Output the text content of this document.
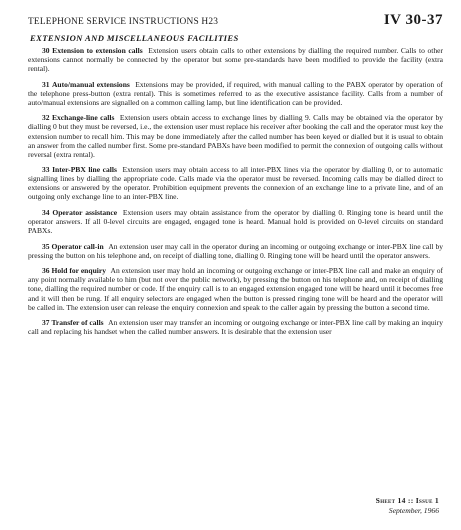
TELEPHONE SERVICE INSTRUCTIONS H23	IV 30-37
EXTENSION AND MISCELLANEOUS FACILITIES

30 Extension to extension calls Extension users obtain calls to other extensions by dialling the required number. Calls to other extensions cannot normally be connected by the operator but some pre-standards have been modified to provide the facility (extra rental).

31 Auto/manual extensions Extensions may be provided, if required, with manual calling to the PABX operator by operation of the telephone press-button (extra rental). This is sometimes referred to as the executive assistance facility. Calls from a number of auto/manual extensions are signalled on a common calling lamp, but line identification can be provided.

32 Exchange-line calls Extension users obtain access to exchange lines by dialling 9. Calls may be obtained via the operator by dialling 0 but they must be reversed, i.e., the extension user must replace his receiver after booking the call and the operator must key the extension number to recall him. This may be done immediately after the called number has been keyed or dialled but it is usual to obtain an answer from the called number first. Some pre-standard PABXs have been modified to permit the connexion of outgoing calls without reversal (extra rental).

33 Inter-PBX line calls Extension users may obtain access to all inter-PBX lines via the operator by dialling 0, or to automatic signalling lines by dialling the appropriate code. Calls made via the operator must be reversed. Incoming calls may be dialled direct to extensions or answered by the operator. Prohibition equipment prevents the connexion of an exchange line to a private line, and of an outgoing only exchange line to an inter-PBX line.

34 Operator assistance Extension users may obtain assistance from the operator by dialling 0. Ringing tone is heard until the operator answers. If all 0-level circuits are engaged, engaged tone is heard. Manual hold is provided on 0-level circuits on standard PABXs.

35 Operator call-in An extension user may call in the operator during an incoming or outgoing exchange or inter-PBX line call by pressing the button on his telephone and, on receipt of dialling tone, dialling 0. Ringing tone will be heard until the operator answers.

36 Hold for enquiry An extension user may hold an incoming or outgoing exchange or inter-PBX line call and make an enquiry of any point normally available to him (but not over the public network), by pressing the button on his telephone and, on receipt of dialling tone, dialling the required number or code. If the enquiry call is to an engaged extension engaged tone will be heard until it becomes free and it will then be rung. If all enquiry selectors are engaged when the button is pressed ringing tone will be heard and the operator will be called in. The extension user can release the enquiry connexion and speak to the caller again by pressing the button a second time.

37 Transfer of calls An extension user may transfer an incoming or outgoing exchange or inter-PBX line call by making an inquiry call and replacing his handset when the called number answers. It is desirable that the extension user

Sheet 14 :: Issue 1
September, 1966
